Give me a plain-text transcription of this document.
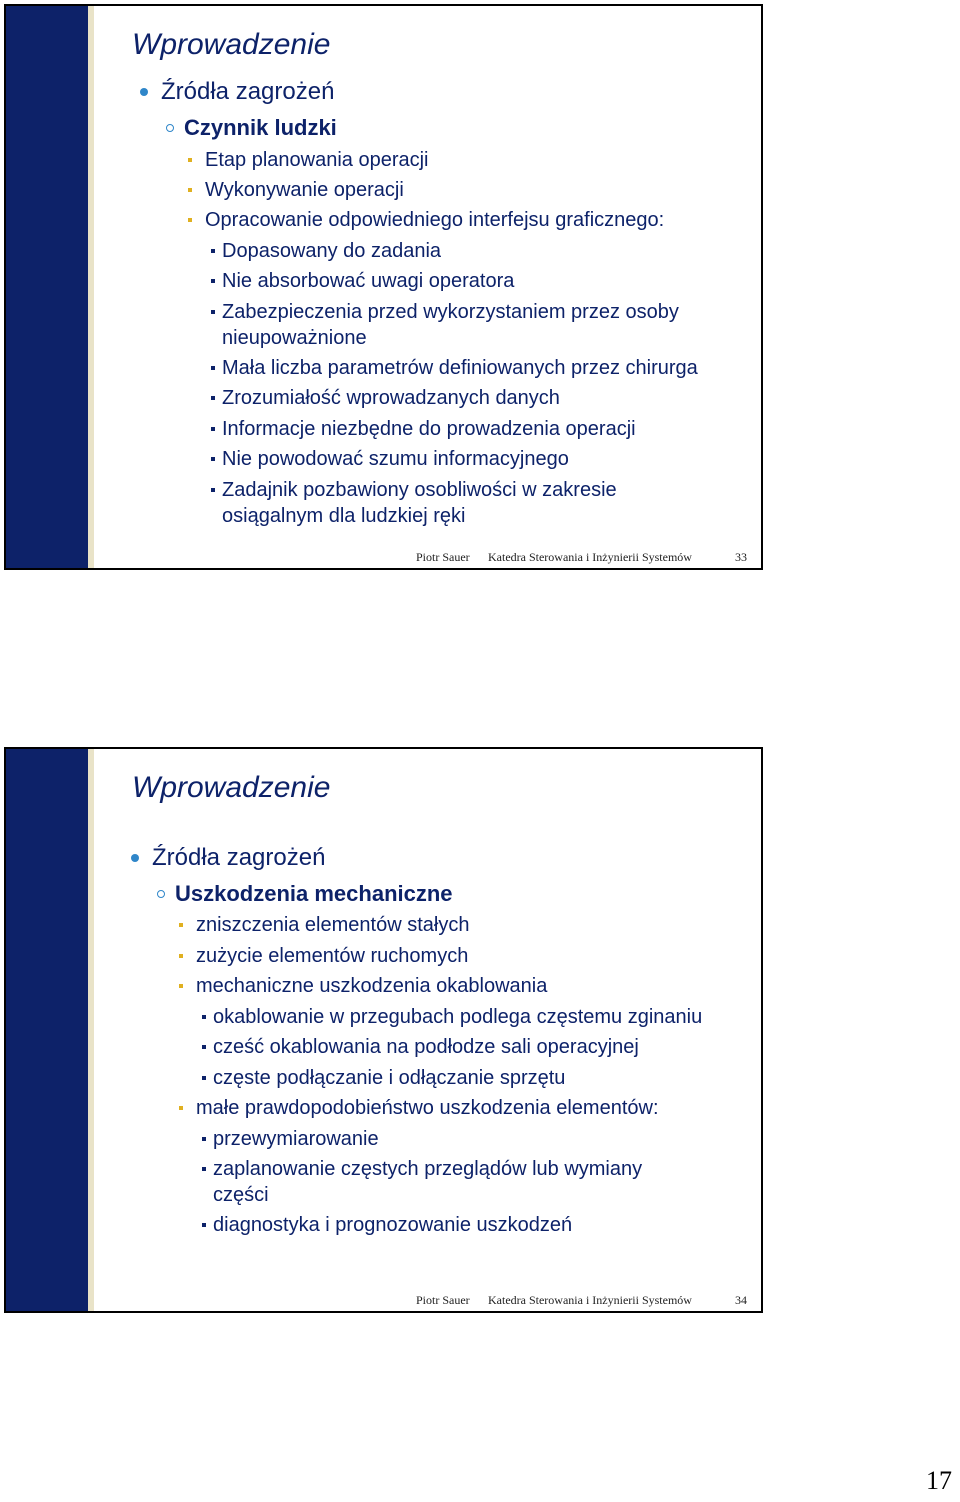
Wprowadzenie
Źródła zagrożeń
Czynnik ludzki
Etap planowania operacji
Wykonywanie operacji
Opracowanie odpowiedniego interfejsu graficznego:
Dopasowany do zadania
Nie absorbować uwagi operatora
Zabezpieczenia przed wykorzystaniem przez osoby
nieupoważnione
Mała liczba parametrów definiowanych przez chirurga
Zrozumiałość wprowadzanych danych
Informacje niezbędne do prowadzenia operacji
Nie powodować szumu informacyjnego
Zadajnik pozbawiony osobliwości w zakresie
osiągalnym dla ludzkiej ręki
Piotr Sauer Katedra Sterowania i Inżynierii Systemów	33
Wprowadzenie
Źródła zagrożeń
Uszkodzenia mechaniczne
zniszczenia elementów stałych
zużycie elementów ruchomych
mechaniczne uszkodzenia okablowania
okablowanie w przegubach podlega częstemu zginaniu
cześć okablowania na podłodze sali operacyjnej
częste podłączanie i odłączanie sprzętu
małe prawdopodobieństwo uszkodzenia elementów:
przewymiarowanie
zaplanowanie częstych przeglądów lub wymiany
części
diagnostyka i prognozowanie uszkodzeń
Piotr Sauer Katedra Sterowania i Inżynierii Systemów	34
17
